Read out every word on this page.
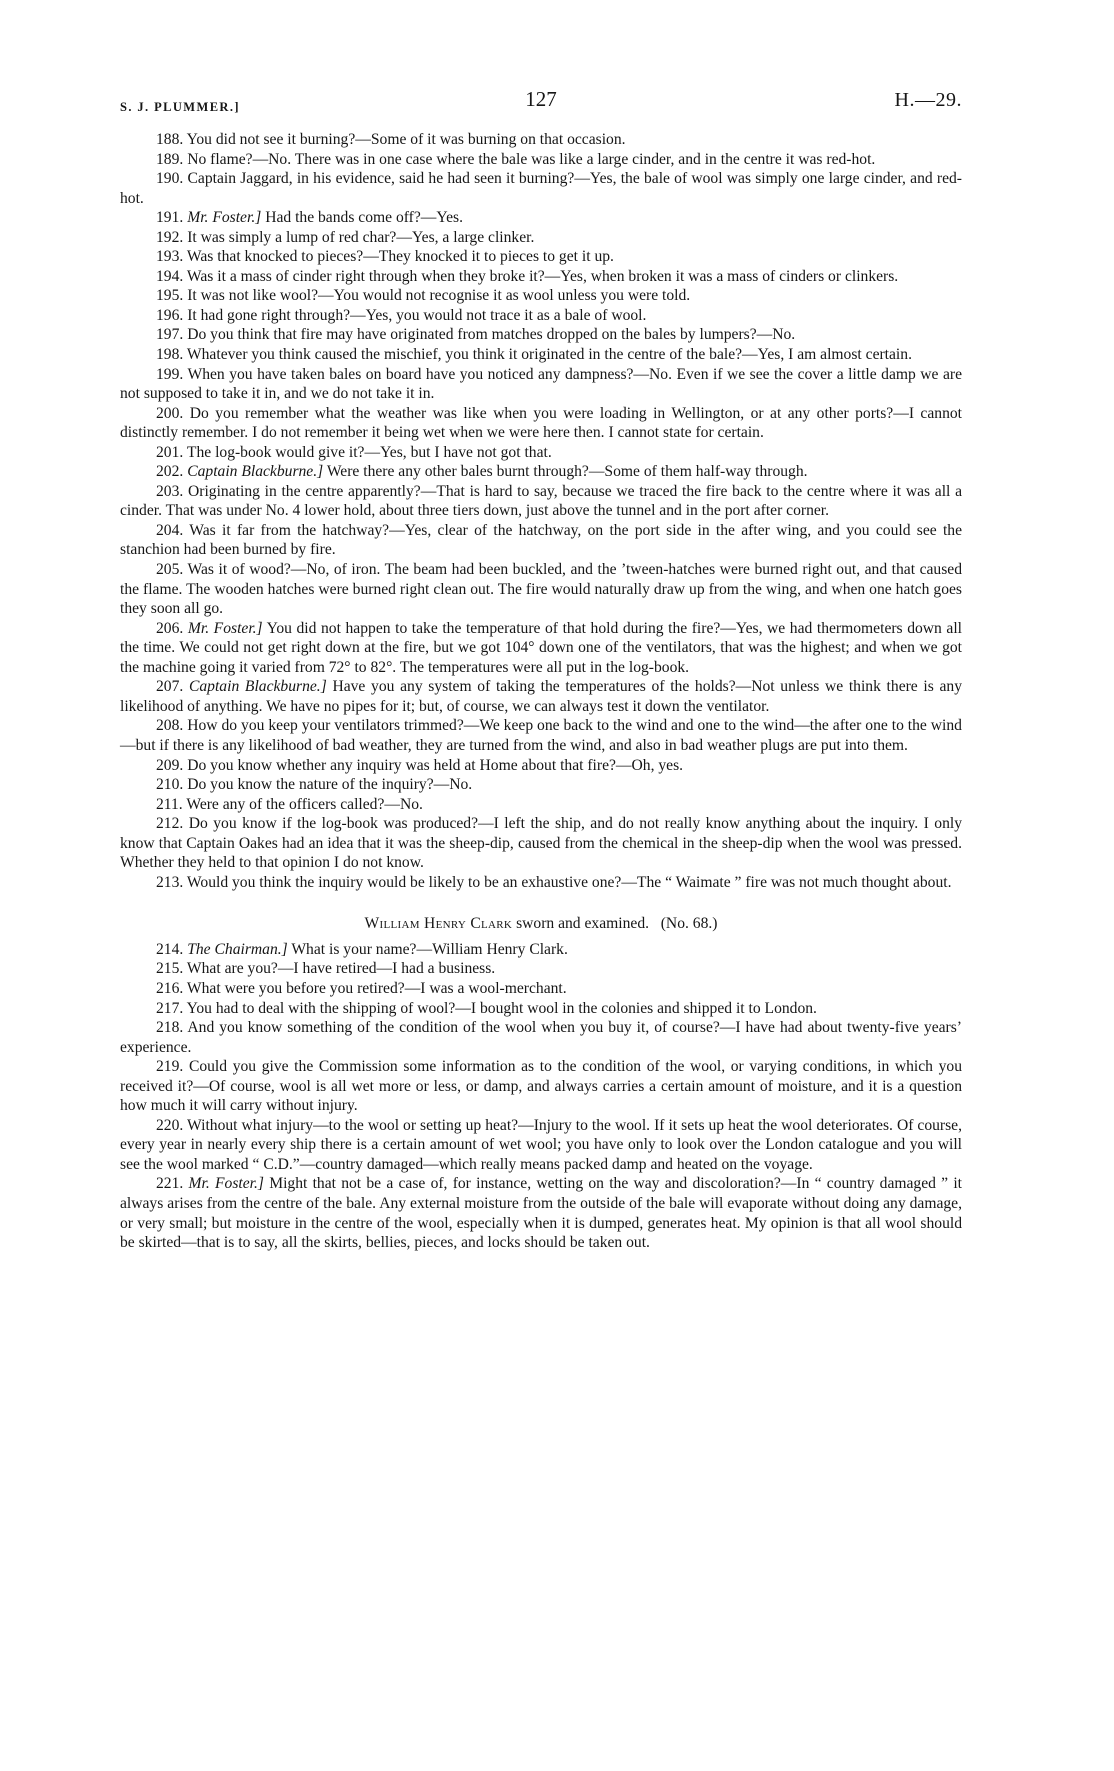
S. J. PLUMMER.]	127	H.—29.

188. You did not see it burning?—Some of it was burning on that occasion.

189. No flame?—No. There was in one case where the bale was like a large cinder, and in the centre it was red-hot.

190. Captain Jaggard, in his evidence, said he had seen it burning?—Yes, the bale of wool was simply one large cinder, and red-hot.

191. Mr. Foster.] Had the bands come off?—Yes.

192. It was simply a lump of red char?—Yes, a large clinker.

193. Was that knocked to pieces?—They knocked it to pieces to get it up.

194. Was it a mass of cinder right through when they broke it?—Yes, when broken it was a mass of cinders or clinkers.

195. It was not like wool?—You would not recognise it as wool unless you were told.

196. It had gone right through?—Yes, you would not trace it as a bale of wool.

197. Do you think that fire may have originated from matches dropped on the bales by lumpers?—No.

198. Whatever you think caused the mischief, you think it originated in the centre of the bale?—Yes, I am almost certain.

199. When you have taken bales on board have you noticed any dampness?—No. Even if we see the cover a little damp we are not supposed to take it in, and we do not take it in.

200. Do you remember what the weather was like when you were loading in Wellington, or at any other ports?—I cannot distinctly remember. I do not remember it being wet when we were here then. I cannot state for certain.

201. The log-book would give it?—Yes, but I have not got that.

202. Captain Blackburne.] Were there any other bales burnt through?—Some of them half-way through.

203. Originating in the centre apparently?—That is hard to say, because we traced the fire back to the centre where it was all a cinder. That was under No. 4 lower hold, about three tiers down, just above the tunnel and in the port after corner.

204. Was it far from the hatchway?—Yes, clear of the hatchway, on the port side in the after wing, and you could see the stanchion had been burned by fire.

205. Was it of wood?—No, of iron. The beam had been buckled, and the ’tween-hatches were burned right out, and that caused the flame. The wooden hatches were burned right clean out. The fire would naturally draw up from the wing, and when one hatch goes they soon all go.

206. Mr. Foster.] You did not happen to take the temperature of that hold during the fire?—Yes, we had thermometers down all the time. We could not get right down at the fire, but we got 104° down one of the ventilators, that was the highest; and when we got the machine going it varied from 72° to 82°. The temperatures were all put in the log-book.

207. Captain Blackburne.] Have you any system of taking the temperatures of the holds?—Not unless we think there is any likelihood of anything. We have no pipes for it; but, of course, we can always test it down the ventilator.

208. How do you keep your ventilators trimmed?—We keep one back to the wind and one to the wind—the after one to the wind—but if there is any likelihood of bad weather, they are turned from the wind, and also in bad weather plugs are put into them.

209. Do you know whether any inquiry was held at Home about that fire?—Oh, yes.

210. Do you know the nature of the inquiry?—No.

211. Were any of the officers called?—No.

212. Do you know if the log-book was produced?—I left the ship, and do not really know anything about the inquiry. I only know that Captain Oakes had an idea that it was the sheep-dip, caused from the chemical in the sheep-dip when the wool was pressed. Whether they held to that opinion I do not know.

213. Would you think the inquiry would be likely to be an exhaustive one?—The “ Waimate ” fire was not much thought about.

William Henry Clark sworn and examined. (No. 68.)

214. The Chairman.] What is your name?—William Henry Clark.

215. What are you?—I have retired—I had a business.

216. What were you before you retired?—I was a wool-merchant.

217. You had to deal with the shipping of wool?—I bought wool in the colonies and shipped it to London.

218. And you know something of the condition of the wool when you buy it, of course?—I have had about twenty-five years’ experience.

219. Could you give the Commission some information as to the condition of the wool, or varying conditions, in which you received it?—Of course, wool is all wet more or less, or damp, and always carries a certain amount of moisture, and it is a question how much it will carry without injury.

220. Without what injury—to the wool or setting up heat?—Injury to the wool. If it sets up heat the wool deteriorates. Of course, every year in nearly every ship there is a certain amount of wet wool; you have only to look over the London catalogue and you will see the wool marked “ C.D.”—country damaged—which really means packed damp and heated on the voyage.

221. Mr. Foster.] Might that not be a case of, for instance, wetting on the way and discoloration?—In “ country damaged ” it always arises from the centre of the bale. Any external moisture from the outside of the bale will evaporate without doing any damage, or very small; but moisture in the centre of the wool, especially when it is dumped, generates heat. My opinion is that all wool should be skirted—that is to say, all the skirts, bellies, pieces, and locks should be taken out.
